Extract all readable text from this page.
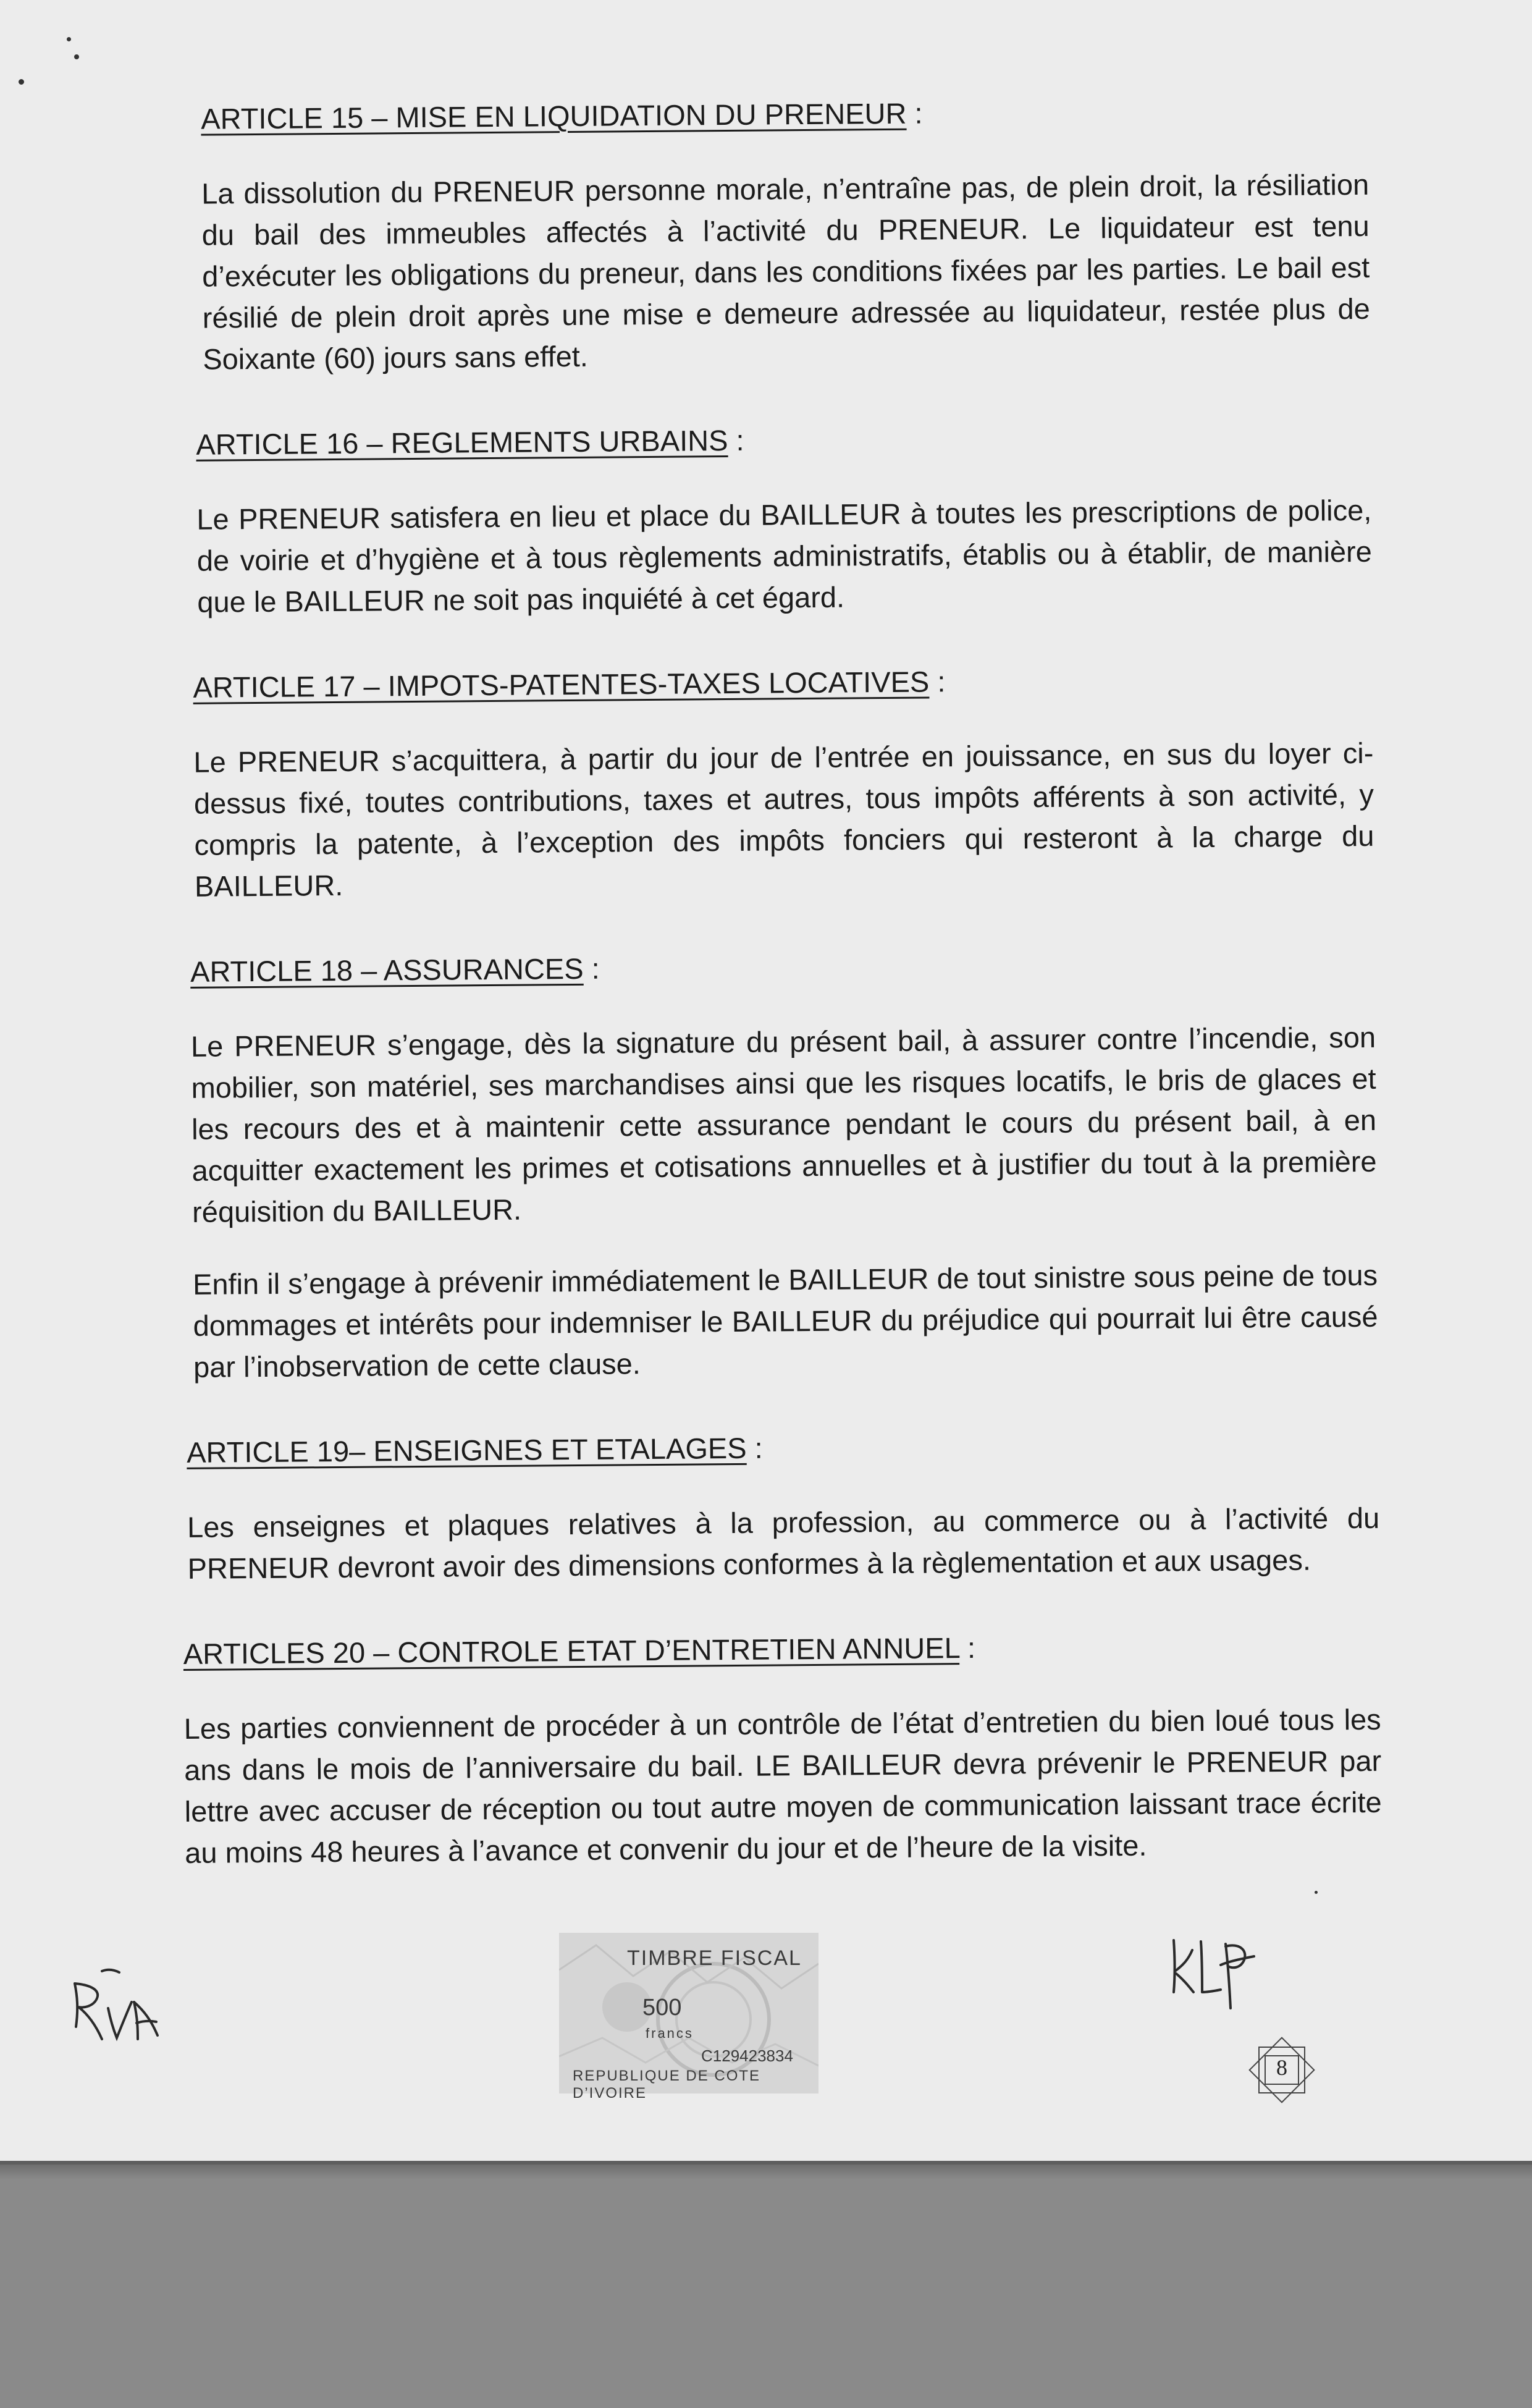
ARTICLE 15 – MISE EN LIQUIDATION DU PRENEUR :

La dissolution du PRENEUR personne morale, n’entraîne pas, de plein droit, la résiliation du bail des immeubles affectés à l’activité du PRENEUR. Le liquidateur est tenu d’exécuter les obligations du preneur, dans les conditions fixées par les parties. Le bail est résilié de plein droit après une mise e demeure adressée au liquidateur, restée plus de Soixante (60) jours sans effet.

ARTICLE 16 – REGLEMENTS URBAINS :

Le PRENEUR satisfera en lieu et place du BAILLEUR à toutes les prescriptions de police, de voirie et d’hygiène et à tous règlements administratifs, établis ou à établir, de manière que le BAILLEUR ne soit pas inquiété à cet égard.

ARTICLE 17 – IMPOTS-PATENTES-TAXES LOCATIVES :

Le PRENEUR s’acquittera, à partir du jour de l’entrée en jouissance, en sus du loyer ci-dessus fixé, toutes contributions, taxes et autres, tous impôts afférents à son activité, y compris la patente, à l’exception des impôts fonciers qui resteront à la charge du BAILLEUR.

ARTICLE 18 – ASSURANCES :

Le PRENEUR s’engage, dès la signature du présent bail, à assurer contre l’incendie, son mobilier, son matériel, ses marchandises ainsi que les risques locatifs, le bris de glaces et les recours des et à maintenir cette assurance pendant le cours du présent bail, à en acquitter exactement les primes et cotisations annuelles et à justifier du tout à la première réquisition du BAILLEUR.

Enfin il s’engage à prévenir immédiatement le BAILLEUR de tout sinistre sous peine de tous dommages et intérêts pour indemniser le BAILLEUR du préjudice qui pourrait lui être causé par l’inobservation de cette clause.

ARTICLE 19– ENSEIGNES ET ETALAGES :

Les enseignes et plaques relatives à la profession, au commerce ou à l’activité du PRENEUR devront avoir des dimensions conformes à la règlementation et aux usages.

ARTICLES 20 – CONTROLE ETAT D’ENTRETIEN ANNUEL :

Les parties conviennent de procéder à un contrôle de l’état d’entretien du bien loué tous les ans dans le mois de l’anniversaire du bail. LE BAILLEUR devra prévenir le PRENEUR par lettre avec accuser de réception ou tout autre moyen de communication laissant trace écrite au moins 48 heures à l’avance et convenir du jour et de l’heure de la visite.

TIMBRE FISCAL
500
francs
C129423834
REPUBLIQUE DE COTE D’IVOIRE
8
